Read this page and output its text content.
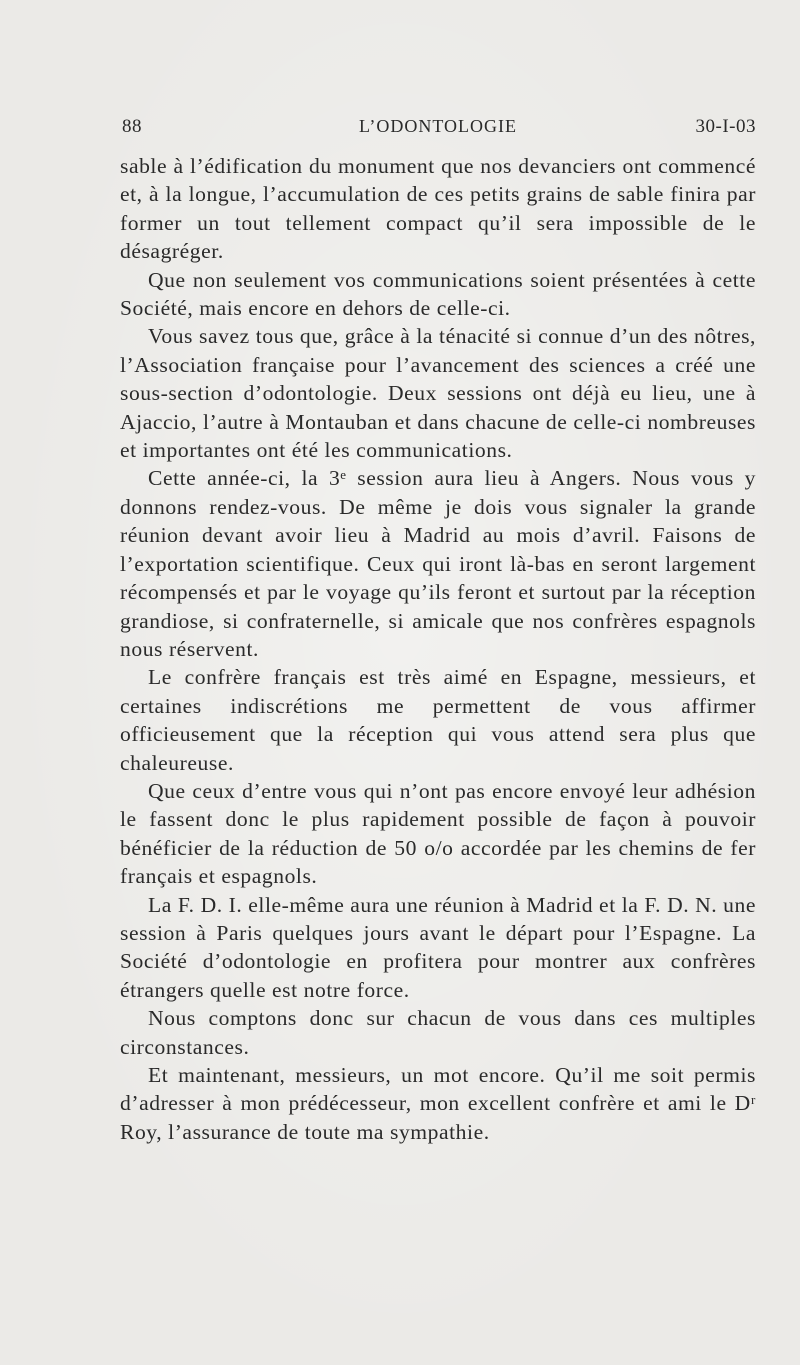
88	L’ODONTOLOGIE	30-I-03

sable à l’édification du monument que nos devanciers ont commencé et, à la longue, l’accumulation de ces petits grains de sable finira par former un tout tellement compact qu’il sera impossible de le désagréger.

Que non seulement vos communications soient présentées à cette Société, mais encore en dehors de celle-ci.

Vous savez tous que, grâce à la ténacité si connue d’un des nôtres, l’Association française pour l’avancement des sciences a créé une sous-section d’odontologie. Deux sessions ont déjà eu lieu, une à Ajaccio, l’autre à Montauban et dans chacune de celle-ci nombreuses et importantes ont été les communications.

Cette année-ci, la 3ᵉ session aura lieu à Angers. Nous vous y donnons rendez-vous. De même je dois vous signaler la grande réunion devant avoir lieu à Madrid au mois d’avril. Faisons de l’exportation scientifique. Ceux qui iront là-bas en seront largement récompensés et par le voyage qu’ils feront et surtout par la réception grandiose, si confraternelle, si amicale que nos confrères espagnols nous réservent.

Le confrère français est très aimé en Espagne, messieurs, et certaines indiscrétions me permettent de vous affirmer officieusement que la réception qui vous attend sera plus que chaleureuse.

Que ceux d’entre vous qui n’ont pas encore envoyé leur adhésion le fassent donc le plus rapidement possible de façon à pouvoir bénéficier de la réduction de 50 o/o accordée par les chemins de fer français et espagnols.

La F. D. I. elle-même aura une réunion à Madrid et la F. D. N. une session à Paris quelques jours avant le départ pour l’Espagne. La Société d’odontologie en profitera pour montrer aux confrères étrangers quelle est notre force.

Nous comptons donc sur chacun de vous dans ces multiples circonstances.

Et maintenant, messieurs, un mot encore. Qu’il me soit permis d’adresser à mon prédécesseur, mon excellent confrère et ami le Dʳ Roy, l’assurance de toute ma sympathie.
